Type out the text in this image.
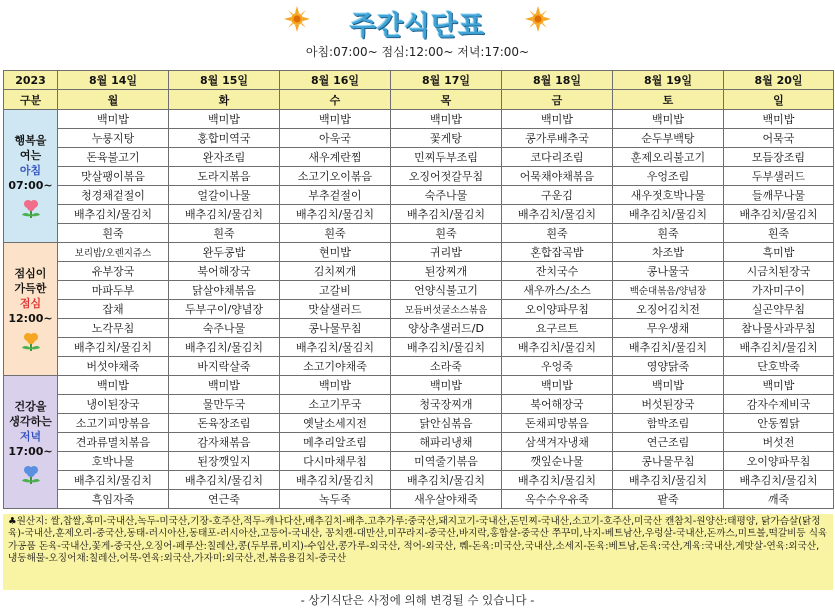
주간식단표
아침:07:00~ 점심:12:00~ 저녁:17:00~
2023	8월 14일	8월 15일	8월 16일	8월 17일	8월 18일	8월 19일	8월 20일
구분	월	화	수	목	금	토	일

행복을
여는
아침
07:00~	백미밥	백미밥	백미밥	백미밥	백미밥	백미밥	백미밥
	누룽지탕	홍합미역국	아욱국	꽃게탕	콩가루배추국	순두부백탕	어묵국
	돈육불고기	완자조림	새우계란찜	민찌두부조림	코다리조림	훈제오리불고기	모듬장조림
	맛살팽이볶음	도라지볶음	소고기오이볶음	오징어젓갈무침	어묵채야채볶음	우엉조림	두부샐러드
	청경채겉절이	얼갈이나물	부추겉절이	숙주나물	구운김	새우젓호박나물	들깨무나물
	배추김치/물김치	배추김치/물김치	배추김치/물김치	배추김치/물김치	배추김치/물김치	배추김치/물김치	배추김치/물김치
	흰죽	흰죽	흰죽	흰죽	흰죽	흰죽	흰죽

점심이
가득한
점심
12:00~	보리밥/오렌지쥬스	완두콩밥	현미밥	귀리밥	혼합잡곡밥	차조밥	흑미밥
	유부장국	북어해장국	김치찌개	된장찌개	잔치국수	콩나물국	시금치된장국
	마파두부	닭살야채볶음	고갈비	언양식불고기	새우까스/소스	백순대볶음/양념장	가자미구이
	잡채	두부구이/양념장	맛살샐러드	모듬버섯굴소스볶음	오이양파무침	오징어김치전	실곤약무침
	노각무침	숙주나물	콩나물무침	양상추샐러드/D	요구르트	무우생채	참나물사과무침
	배추김치/물김치	배추김치/물김치	배추김치/물김치	배추김치/물김치	배추김치/물김치	배추김치/물김치	배추김치/물김치
	버섯야채죽	바지락살죽	소고기야채죽	소라죽	우엉죽	영양닭죽	단호박죽

건강을
생각하는
저녁
17:00~	백미밥	백미밥	백미밥	백미밥	백미밥	백미밥	백미밥
	냉이된장국	물만두국	소고기무국	청국장찌개	북어해장국	버섯된장국	감자수제비국
	소고기피망볶음	돈육장조림	옛날소세지전	닭안심볶음	돈채피망볶음	함박조림	안동찜닭
	견과류멸치볶음	감자채볶음	메추리알조림	해파리냉채	삼색겨자냉채	연근조림	버섯전
	호박나물	된장깻잎지	다시마채무침	미역줄기볶음	깻잎순나물	콩나물무침	오이양파무침
	배추김치/물김치	배추김치/물김치	배추김치/물김치	배추김치/물김치	배추김치/물김치	배추김치/물김치	배추김치/물김치
	흑임자죽	연근죽	녹두죽	새우살야채죽	옥수수우유죽	팥죽	깨죽
♣원산지: 쌀,찹쌀,흑미-국내산,녹두-미국산,기장-호주산,적두-캐나다산,배추김치-배추.고추가루:중국산,돼지고기-국내산,돈민찌-국내산,소고기-호주산,미국산 캔참치-원양산:태평양, 닭가슴살(닭정육)-국내산,훈제오리-중국산,동태-러시아산,동태포-러시아산,고등어-국내산, 꽁치캔-대만산,미꾸라지-중국산,바지락,홍합살-중국산 쭈꾸미,낙지-베트남산,우렁살-국내산,돈까스,미트볼,떡갈비등 식육가공품 돈육-국내산,꽃게-중국산,오징어-페루산:칠레산,콩(두부류,비지)-수입산,콩가루-외국산, 적어-외국산, 쀄-돈육:미국산,국내산,소세지-돈육:베트남,돈육:국산,계육:국내산,게맛살-연육:외국산,냉동해물-오징어채:칠레산,어묵-연육:외국산,가자미:외국산,전,볶음용김치-중국산
- 상기식단은 사정에 의해 변경될 수 있습니다 -
